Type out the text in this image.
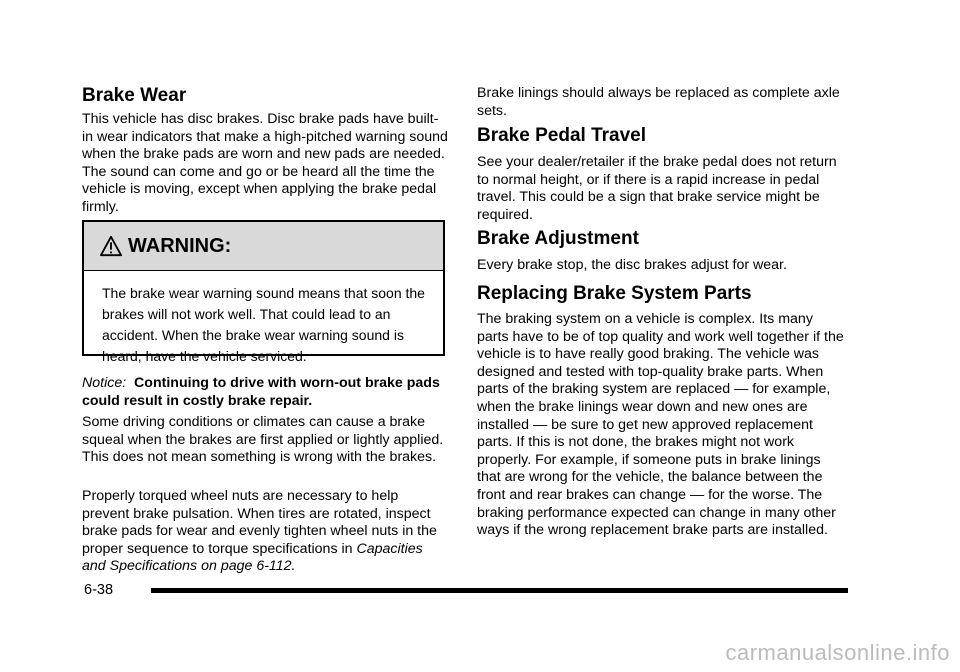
Brake Wear

This vehicle has disc brakes. Disc brake pads have built-in wear indicators that make a high-pitched warning sound when the brake pads are worn and new pads are needed. The sound can come and go or be heard all the time the vehicle is moving, except when applying the brake pedal firmly.

WARNING:
The brake wear warning sound means that soon the brakes will not work well. That could lead to an accident. When the brake wear warning sound is heard, have the vehicle serviced.

Notice: Continuing to drive with worn-out brake pads could result in costly brake repair.

Some driving conditions or climates can cause a brake squeal when the brakes are first applied or lightly applied. This does not mean something is wrong with the brakes.

Properly torqued wheel nuts are necessary to help prevent brake pulsation. When tires are rotated, inspect brake pads for wear and evenly tighten wheel nuts in the proper sequence to torque specifications in Capacities and Specifications on page 6-112.

Brake linings should always be replaced as complete axle sets.

Brake Pedal Travel

See your dealer/retailer if the brake pedal does not return to normal height, or if there is a rapid increase in pedal travel. This could be a sign that brake service might be required.

Brake Adjustment

Every brake stop, the disc brakes adjust for wear.

Replacing Brake System Parts

The braking system on a vehicle is complex. Its many parts have to be of top quality and work well together if the vehicle is to have really good braking. The vehicle was designed and tested with top-quality brake parts. When parts of the braking system are replaced — for example, when the brake linings wear down and new ones are installed — be sure to get new approved replacement parts. If this is not done, the brakes might not work properly. For example, if someone puts in brake linings that are wrong for the vehicle, the balance between the front and rear brakes can change — for the worse. The braking performance expected can change in many other ways if the wrong replacement brake parts are installed.

6-38
carmanualsonline.info
